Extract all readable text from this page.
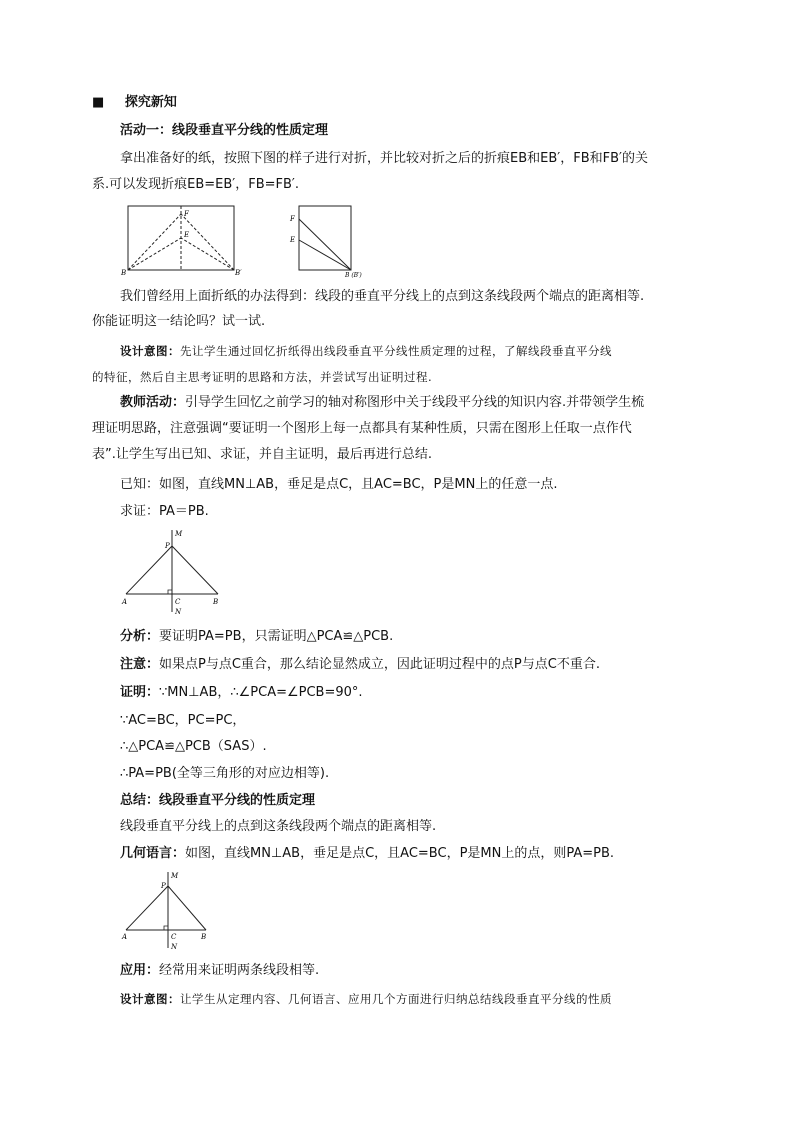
■ 探究新知
活动一：线段垂直平分线的性质定理
拿出准备好的纸，按照下图的样子进行对折，并比较对折之后的折痕EB和EB′，FB和FB′的关
系.可以发现折痕EB=EB′，FB=FB′.
F
E
B	B′
F
E
B (B′)
我们曾经用上面折纸的办法得到：线段的垂直平分线上的点到这条线段两个端点的距离相等.
你能证明这一结论吗？试一试.
设计意图：先让学生通过回忆折纸得出线段垂直平分线性质定理的过程，了解线段垂直平分线
的特征，然后自主思考证明的思路和方法，并尝试写出证明过程.
教师活动：引导学生回忆之前学习的轴对称图形中关于线段平分线的知识内容.并带领学生梳
理证明思路，注意强调“要证明一个图形上每一点都具有某种性质，只需在图形上任取一点作代
表”.让学生写出已知、求证，并自主证明，最后再进行总结.
已知：如图，直线MN⊥AB，垂足是点C，且AC=BC，P是MN上的任意一点.
求证：PA＝PB.
M
P
A	C	B
N
分析：要证明PA=PB，只需证明△PCA≌△PCB.
注意：如果点P与点C重合，那么结论显然成立，因此证明过程中的点P与点C不重合.
证明：∵MN⊥AB，∴∠PCA=∠PCB=90°.
∵AC=BC，PC=PC，
∴△PCA≌△PCB（SAS）.
∴PA=PB(全等三角形的对应边相等).
总结：线段垂直平分线的性质定理
线段垂直平分线上的点到这条线段两个端点的距离相等.
几何语言：如图，直线MN⊥AB，垂足是点C，且AC=BC，P是MN上的点，则PA=PB.
M
P
A	C	B
N
应用：经常用来证明两条线段相等.
设计意图：让学生从定理内容、几何语言、应用几个方面进行归纳总结线段垂直平分线的性质
